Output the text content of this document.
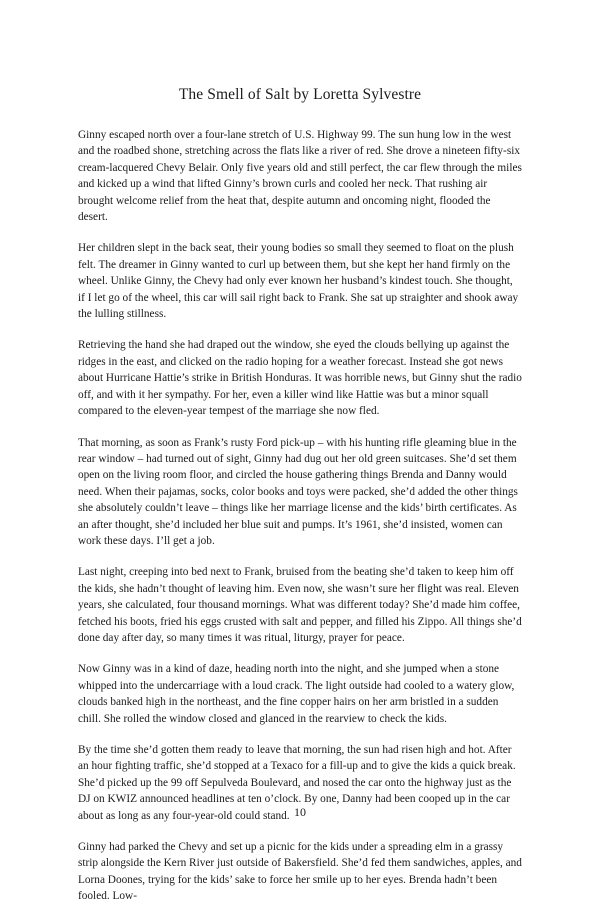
The Smell of Salt by Loretta Sylvestre

Ginny escaped north over a four-lane stretch of U.S. Highway 99. The sun hung low in the west and the roadbed shone, stretching across the flats like a river of red. She drove a nineteen fifty-six cream-lacquered Chevy Belair. Only five years old and still perfect, the car flew through the miles and kicked up a wind that lifted Ginny’s brown curls and cooled her neck. That rushing air brought welcome relief from the heat that, despite autumn and oncoming night, flooded the desert.

Her children slept in the back seat, their young bodies so small they seemed to float on the plush felt. The dreamer in Ginny wanted to curl up between them, but she kept her hand firmly on the wheel. Unlike Ginny, the Chevy had only ever known her husband’s kindest touch. She thought, if I let go of the wheel, this car will sail right back to Frank. She sat up straighter and shook away the lulling stillness.

Retrieving the hand she had draped out the window, she eyed the clouds bellying up against the ridges in the east, and clicked on the radio hoping for a weather forecast. Instead she got news about Hurricane Hattie’s strike in British Honduras. It was horrible news, but Ginny shut the radio off, and with it her sympathy. For her, even a killer wind like Hattie was but a minor squall compared to the eleven-year tempest of the marriage she now fled.

That morning, as soon as Frank’s rusty Ford pick-up – with his hunting rifle gleaming blue in the rear window – had turned out of sight, Ginny had dug out her old green suitcases. She’d set them open on the living room floor, and circled the house gathering things Brenda and Danny would need. When their pajamas, socks, color books and toys were packed, she’d added the other things she absolutely couldn’t leave – things like her marriage license and the kids’ birth certificates. As an after thought, she’d included her blue suit and pumps. It’s 1961, she’d insisted, women can work these days. I’ll get a job.

Last night, creeping into bed next to Frank, bruised from the beating she’d taken to keep him off the kids, she hadn’t thought of leaving him. Even now, she wasn’t sure her flight was real. Eleven years, she calculated, four thousand mornings. What was different today? She’d made him coffee, fetched his boots, fried his eggs crusted with salt and pepper, and filled his Zippo. All things she’d done day after day, so many times it was ritual, liturgy, prayer for peace.

Now Ginny was in a kind of daze, heading north into the night, and she jumped when a stone whipped into the undercarriage with a loud crack. The light outside had cooled to a watery glow, clouds banked high in the northeast, and the fine copper hairs on her arm bristled in a sudden chill. She rolled the window closed and glanced in the rearview to check the kids.

By the time she’d gotten them ready to leave that morning, the sun had risen high and hot. After an hour fighting traffic, she’d stopped at a Texaco for a fill-up and to give the kids a quick break. She’d picked up the 99 off Sepulveda Boulevard, and nosed the car onto the highway just as the DJ on KWIZ announced headlines at ten o’clock. By one, Danny had been cooped up in the car about as long as any four-year-old could stand.

Ginny had parked the Chevy and set up a picnic for the kids under a spreading elm in a grassy strip alongside the Kern River just outside of Bakersfield. She’d fed them sandwiches, apples, and Lorna Doones, trying for the kids’ sake to force her smile up to her eyes. Brenda hadn’t been fooled. Low-

10
